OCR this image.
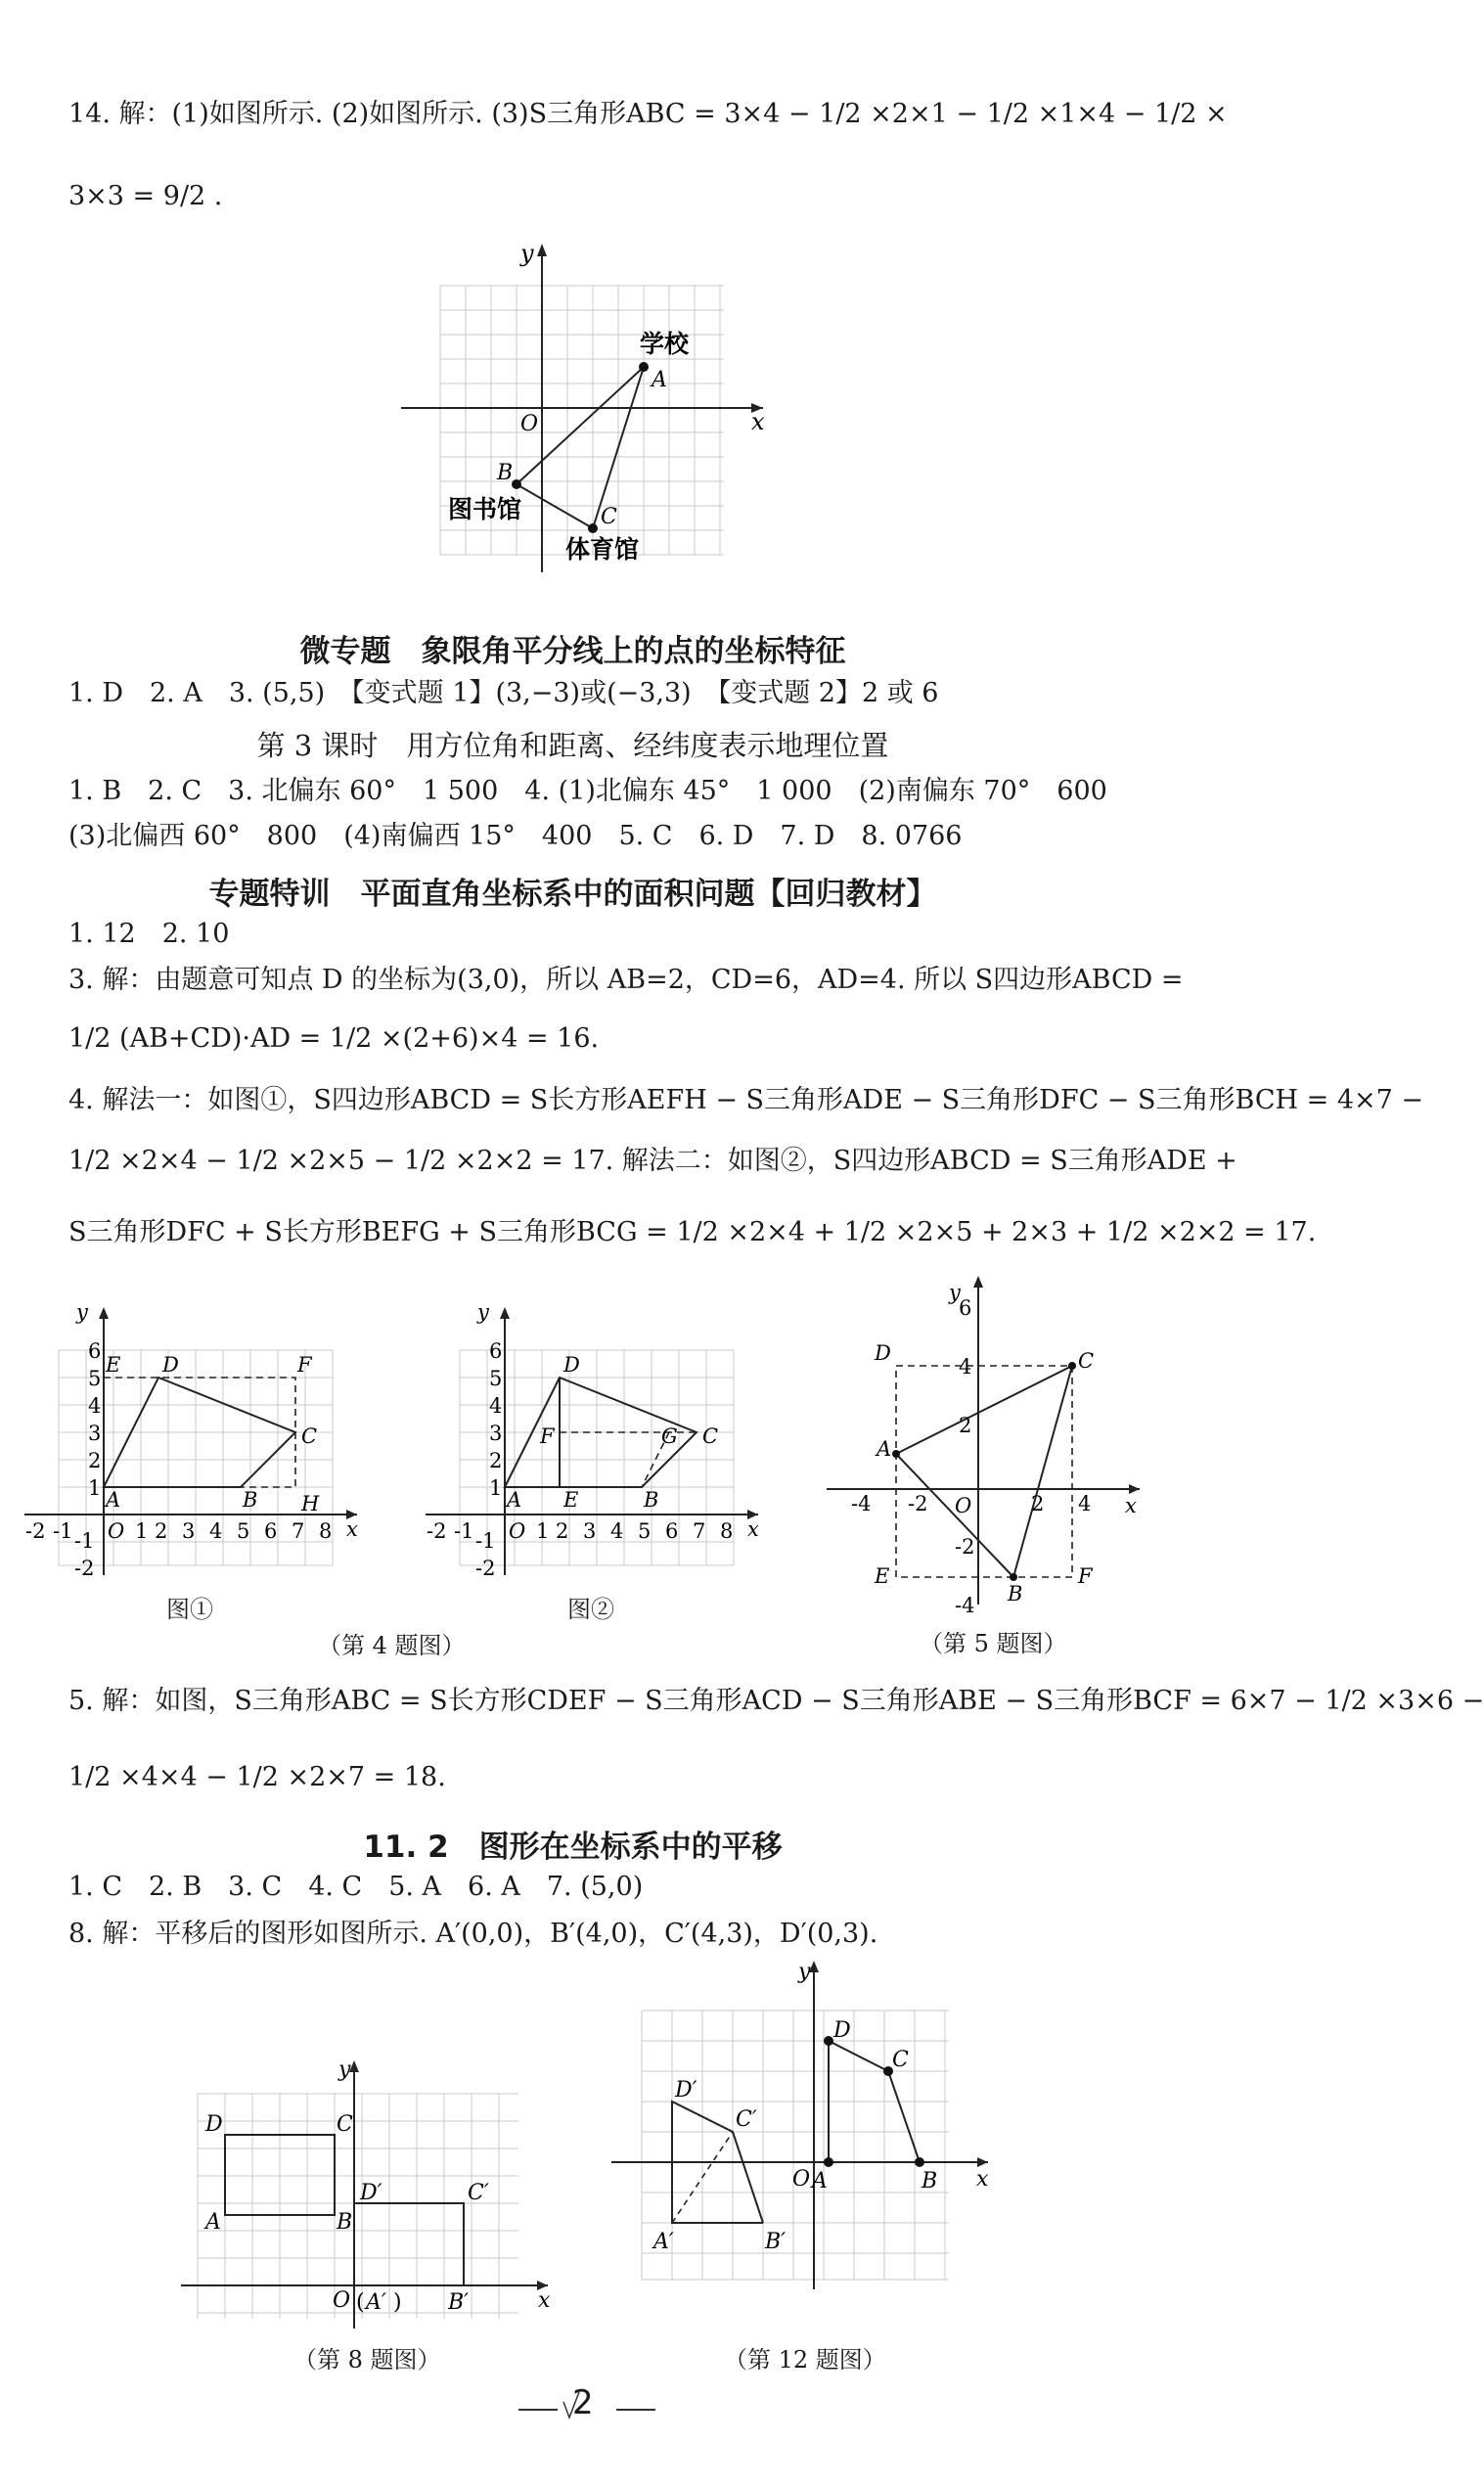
14. 解：(1)如图所示. (2)如图所示. (3)S三角形ABC = 3×4 − 1/2 ×2×1 − 1/2 ×1×4 − 1/2 ×
3×3 = 9/2 .
x
y
O
A
B
C
学校
图书馆
体育馆
微专题　象限角平分线上的点的坐标特征
1. D　2. A　3. (5,5)　【变式题 1】(3,−3)或(−3,3)　【变式题 2】2 或 6
第 3 课时　用方位角和距离、经纬度表示地理位置
1. B　2. C　3. 北偏东 60°　1 500　4. (1)北偏东 45°　1 000　(2)南偏东 70°　600
(3)北偏西 60°　800　(4)南偏西 15°　400　5. C　6. D　7. D　8. 0766
专题特训　平面直角坐标系中的面积问题【回归教材】
1. 12　2. 10
3. 解：由题意可知点 D 的坐标为(3,0)，所以 AB=2，CD=6，AD=4. 所以 S四边形ABCD =
1/2 (AB+CD)·AD = 1/2 ×(2+6)×4 = 16.
4. 解法一：如图①，S四边形ABCD = S长方形AEFH − S三角形ADE − S三角形DFC − S三角形BCH = 4×7 −
1/2 ×2×4 − 1/2 ×2×5 − 1/2 ×2×2 = 17. 解法二：如图②，S四边形ABCD = S三角形ADE +
S三角形DFC + S长方形BEFG + S三角形BCG = 1/2 ×2×4 + 1/2 ×2×5 + 2×3 + 1/2 ×2×2 = 17.
x
y
5
6
4
3
2
1
-1
-2
-2 -1 O 1 2 3 4 5 6 7 8
A	B
C
D
E	F
H
图①
x
y
6
5
4
3
2
1
-1
-2
-2 -1 O 1 2 3 4 5 6 7 8
A	B
C
D
E
F	G
图②
（第 4 题图）
x
y
6
4
2
-2
-4
-4 -2 O	2 4
A
B
C
D
E	F
（第 5 题图）
5. 解：如图，S三角形ABC = S长方形CDEF − S三角形ACD − S三角形ABE − S三角形BCF = 6×7 − 1/2 ×3×6 −
1/2 ×4×4 − 1/2 ×2×7 = 18.
11. 2　图形在坐标系中的平移
1. C　2. B　3. C　4. C　5. A　6. A　7. (5,0)
8. 解：平移后的图形如图所示. A′(0,0)，B′(4,0)，C′(4,3)，D′(0,3).
x
y
D	C
A	B
D′	C′
O ( A′ ) B′
（第 8 题图）
x
y
O A
D
C
B
D′
C′
A′	B′
（第 12 题图）
2
